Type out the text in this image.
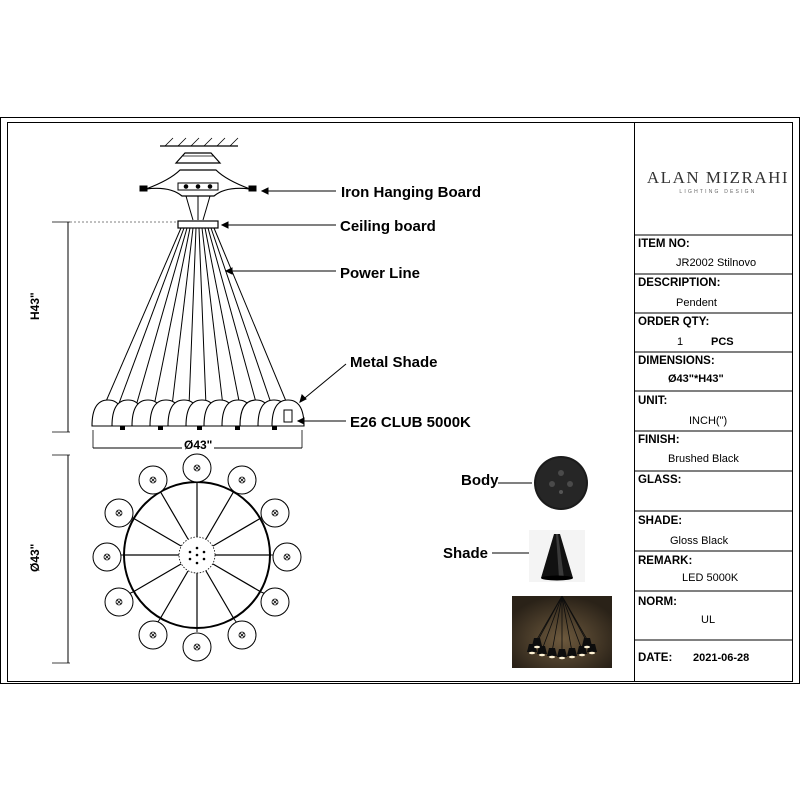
Iron Hanging Board
Ceiling board
Power Line
Metal Shade
E26 CLUB 5000K
H43"
Ø43"
Ø43"
Body
Shade
ALAN MIZRAHI
LIGHTING DESIGN
ITEM NO:
JR2002 Stilnovo
DESCRIPTION:
Pendent
ORDER QTY:
1	PCS
DIMENSIONS:
Ø43"*H43"
UNIT:
INCH(")
FINISH:
Brushed Black
GLASS:
SHADE:
Gloss Black
REMARK:
LED 5000K
NORM:
UL
DATE: 2021-06-28
